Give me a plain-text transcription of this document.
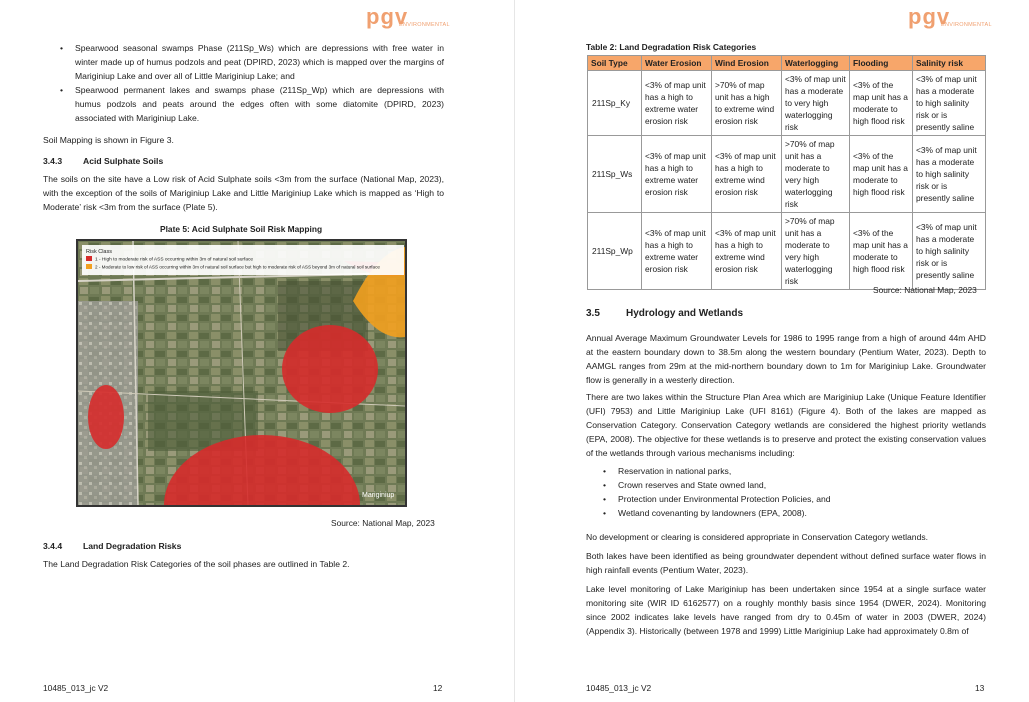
pgv
ENVIRONMENTAL
• Spearwood seasonal swamps Phase (211Sp_Ws) which are depressions with free water in winter made up of humus podzols and peat (DPIRD, 2023) which is mapped over the margins of Mariginiup Lake and over all of Little Mariginiup Lake; and
• Spearwood permanent lakes and swamps phase (211Sp_Wp) which are depressions with humus podzols and peats around the edges often with some diatomite (DPIRD, 2023) associated with Mariginiup Lake.

Soil Mapping is shown in Figure 3.

3.4.3 Acid Sulphate Soils

The soils on the site have a Low risk of Acid Sulphate soils <3m from the surface (National Map, 2023), with the exception of the soils of Mariginiup Lake and Little Mariginiup Lake which is mapped as ‘High to Moderate’ risk <3m from the surface (Plate 5).

Plate 5: Acid Sulphate Soil Risk Mapping
Risk Class
1 - High to moderate risk of ASS occurring within 3m of natural soil surface
2 - Moderate to low risk of ASS occurring within 3m of natural soil surface but high to moderate risk of ASS beyond 3m of natural soil surface
Mariginiup
Source: National Map, 2023
3.4.4 Land Degradation Risks

The Land Degradation Risk Categories of the soil phases are outlined in Table 2.

10485_013_jc V2	12
pgv
ENVIRONMENTAL
Table 2: Land Degradation Risk Categories
Soil Type	Water Erosion	Wind Erosion	Waterlogging	Flooding	Salinity risk
211Sp_Ky	<3% of map unit has a high to extreme water erosion risk	>70% of map unit has a high to extreme wind erosion risk	<3% of map unit has a moderate to very high waterlogging risk	<3% of the map unit has a moderate to high flood risk	<3% of map unit has a moderate to high salinity risk or is presently saline
211Sp_Ws	<3% of map unit has a high to extreme water erosion risk	<3% of map unit has a high to extreme wind erosion risk	>70% of map unit has a moderate to very high waterlogging risk	<3% of the map unit has a moderate to high flood risk	<3% of map unit has a moderate to high salinity risk or is presently saline
211Sp_Wp	<3% of map unit has a high to extreme water erosion risk	<3% of map unit has a high to extreme wind erosion risk	>70% of map unit has a moderate to very high waterlogging risk	<3% of the map unit has a moderate to high flood risk	<3% of map unit has a moderate to high salinity risk or is presently saline
Source: National Map, 2023
3.5	Hydrology and Wetlands

Annual Average Maximum Groundwater Levels for 1986 to 1995 range from a high of around 44m AHD at the eastern boundary down to 38.5m along the western boundary (Pentium Water, 2023). Depth to AAMGL ranges from 29m at the mid-northern boundary down to 1m for Mariginiup Lake. Groundwater flow is generally in a westerly direction.

There are two lakes within the Structure Plan Area which are Mariginiup Lake (Unique Feature Identifier (UFI) 7953) and Little Mariginiup Lake (UFI 8161) (Figure 4). Both of the lakes are mapped as Conservation Category. Conservation Category wetlands are considered the highest priority wetlands (EPA, 2008). The objective for these wetlands is to preserve and protect the existing conservation values of the wetlands through various mechanisms including:

• Reservation in national parks,
• Crown reserves and State owned land,
• Protection under Environmental Protection Policies, and
• Wetland covenanting by landowners (EPA, 2008).

No development or clearing is considered appropriate in Conservation Category wetlands.

Both lakes have been identified as being groundwater dependent without defined surface water flows in high rainfall events (Pentium Water, 2023).

Lake level monitoring of Lake Mariginiup has been undertaken since 1954 at a single surface water monitoring site (WIR ID 6162577) on a roughly monthly basis since 1954 (DWER, 2024). Monitoring since 2002 indicates lake levels have ranged from dry to 0.45m of water in 2003 (DWER, 2024) (Appendix 3). Historically (between 1978 and 1999) Little Mariginiup Lake had approximately 0.8m of

10485_013_jc V2	13
